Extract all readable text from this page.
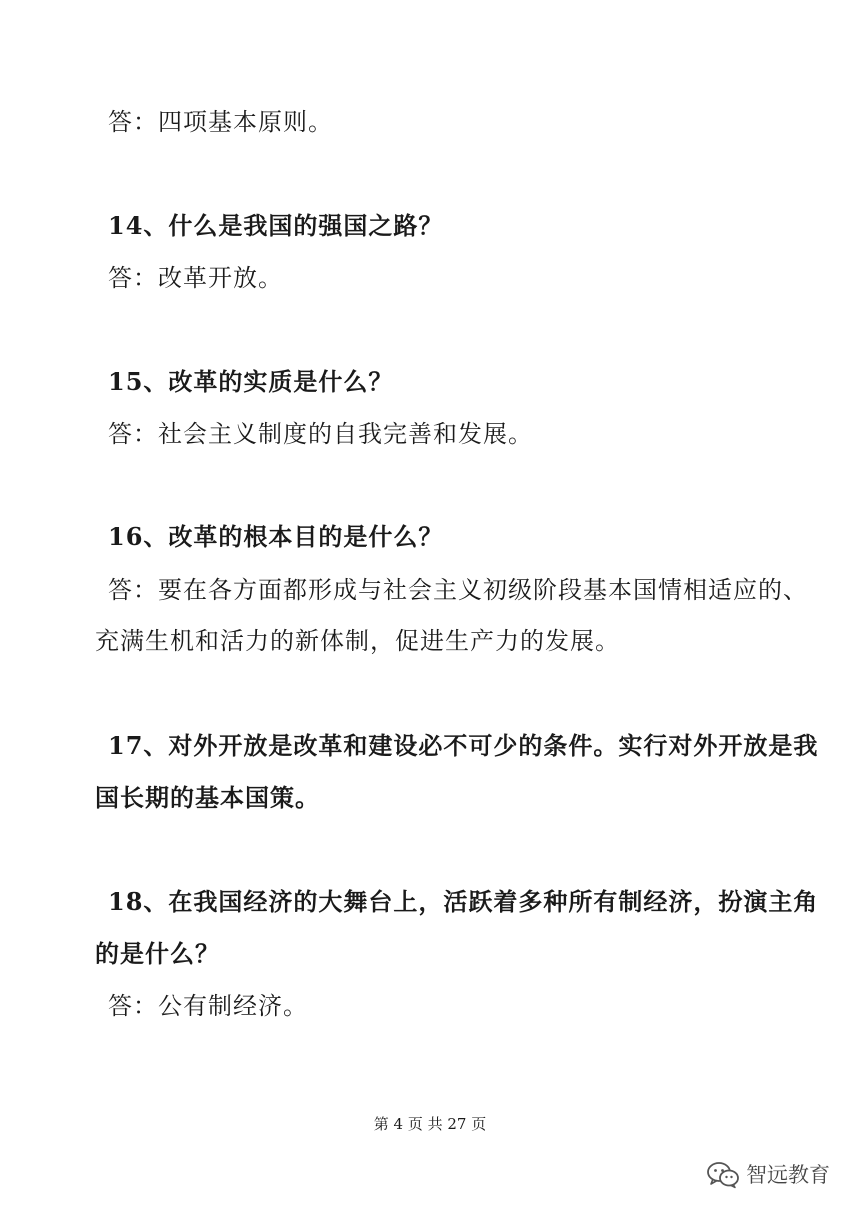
答：四项基本原则。
14、什么是我国的强国之路？
答：改革开放。
15、改革的实质是什么？
答：社会主义制度的自我完善和发展。
16、改革的根本目的是什么？
答：要在各方面都形成与社会主义初级阶段基本国情相适应的、
充满生机和活力的新体制，促进生产力的发展。
17、对外开放是改革和建设必不可少的条件。实行对外开放是我
国长期的基本国策。
18、在我国经济的大舞台上，活跃着多种所有制经济，扮演主角
的是什么？
答：公有制经济。
第 4 页 共 27 页
智远教育
